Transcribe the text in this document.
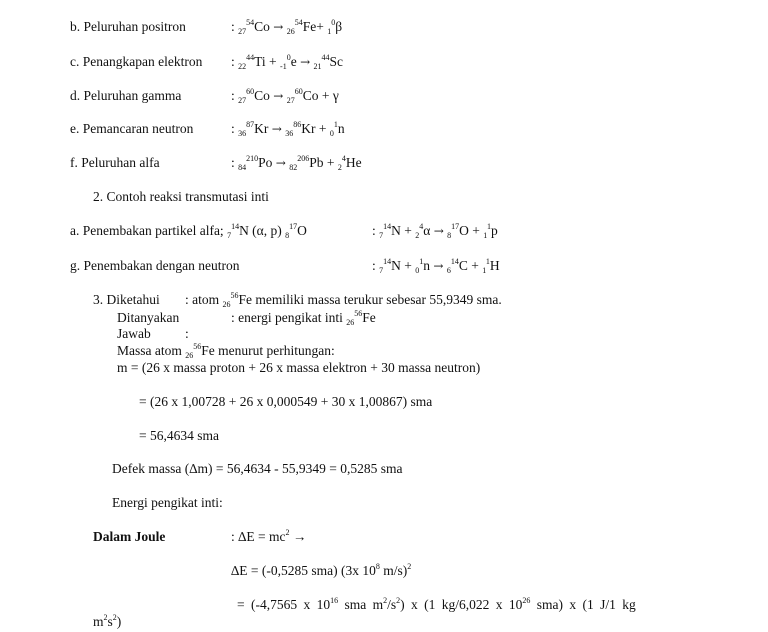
b. Peluruhan positron	: $_{27}^{54}$Co → $_{26}^{54}$Fe+ $_1^0$β
c. Penangkapan elektron : $_{22}^{44}$Ti + $_{-1}^0$e → $_{21}^{44}$Sc
d. Peluruhan gamma	: $_{27}^{60}$Co → $_{27}^{60}$Co + γ
e. Pemancaran neutron	: $_{36}^{87}$Kr → $_{36}^{86}$Kr + $_0^1$n
f. Peluruhan alfa	: $_{84}^{210}$Po → $_{82}^{206}$Pb + $_2^4$He
2. Contoh reaksi transmutasi inti
a. Penembakan partikel alfa; $_7^{14}$N (α, p) $_8^{17}$O	: $_7^{14}$N + $_2^4$α → $_8^{17}$O + $_1^1$p
g. Penembakan dengan neutron	: $_7^{14}$N + $_0^1$n → $_6^{14}$C + $_1^1$H
3. Diketahui : atom $_{26}^{56}$Fe memiliki massa terukur sebesar 55,9349 sma.
Ditanyakan	: energi pengikat inti $_{26}^{56}$Fe
Jawab	:
Massa atom $_{26}^{56}$Fe menurut perhitungan:
m = (26 x massa proton + 26 x massa elektron + 30 massa neutron)
= (26 x 1,00728 + 26 x 0,000549 + 30 x 1,00867) sma
= 56,4634 sma
Defek massa (∆m) = 56,4634 - 55,9349 = 0,5285 sma
Energi pengikat inti:
Dalam Joule	: $\Delta E = mc^2$ →
∆E = (-0,5285 sma) (3x $10^8$ m/s)$^2$
= (-4,7565 x $10^{16}$ sma $m^2/s^2$) x (1 kg/6,022 x $10^{26}$ sma) x (1 J/1 kg
$m^2s^2$)
